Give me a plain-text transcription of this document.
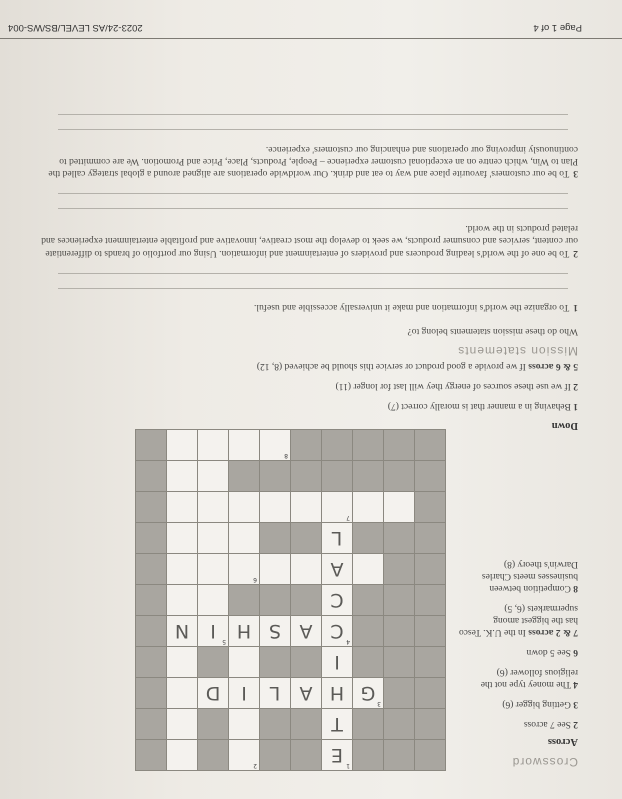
Crossword
Across
2 See 7 across
3 Getting bigger (6)
4 The money type not the religious follower (6)
6 See 5 down
7 & 2 across In the U.K. Tesco has the biggest among supermarkets (6, 5)
8 Competition between businesses meets Charles Darwin's theory (8)
Down
1 Behaving in a manner that is morally correct (7)
2 If we use these sources of energy they will last for longer (11)
5 & 6 across If we provide a good product or service this should be achieved (8, 12)
1
E
2
T
3
G
H
A
L
I
D
I
4
C
A
S
H
5
I
N
C
A
6
L
7
8
Mission statements
Who do these mission statements belong to?
1To organize the world's information and make it universally accessible and useful.
2To be one of the world's leading producers and providers of entertainment and information. Using our portfolio of brands to differentiate our content, services and consumer products, we seek to develop the most creative, innovative and profitable entertainment experiences and related products in the world.
3To be our customers' favourite place and way to eat and drink. Our worldwide operations are aligned around a global strategy called the Plan to Win, which centre on an exceptional customer experience – People, Products, Place, Price and Promotion. We are committed to continuously improving our operations and enhancing our customers' experience.
Page 1 of 4
2023-24/AS LEVEL/BS/WS-004
